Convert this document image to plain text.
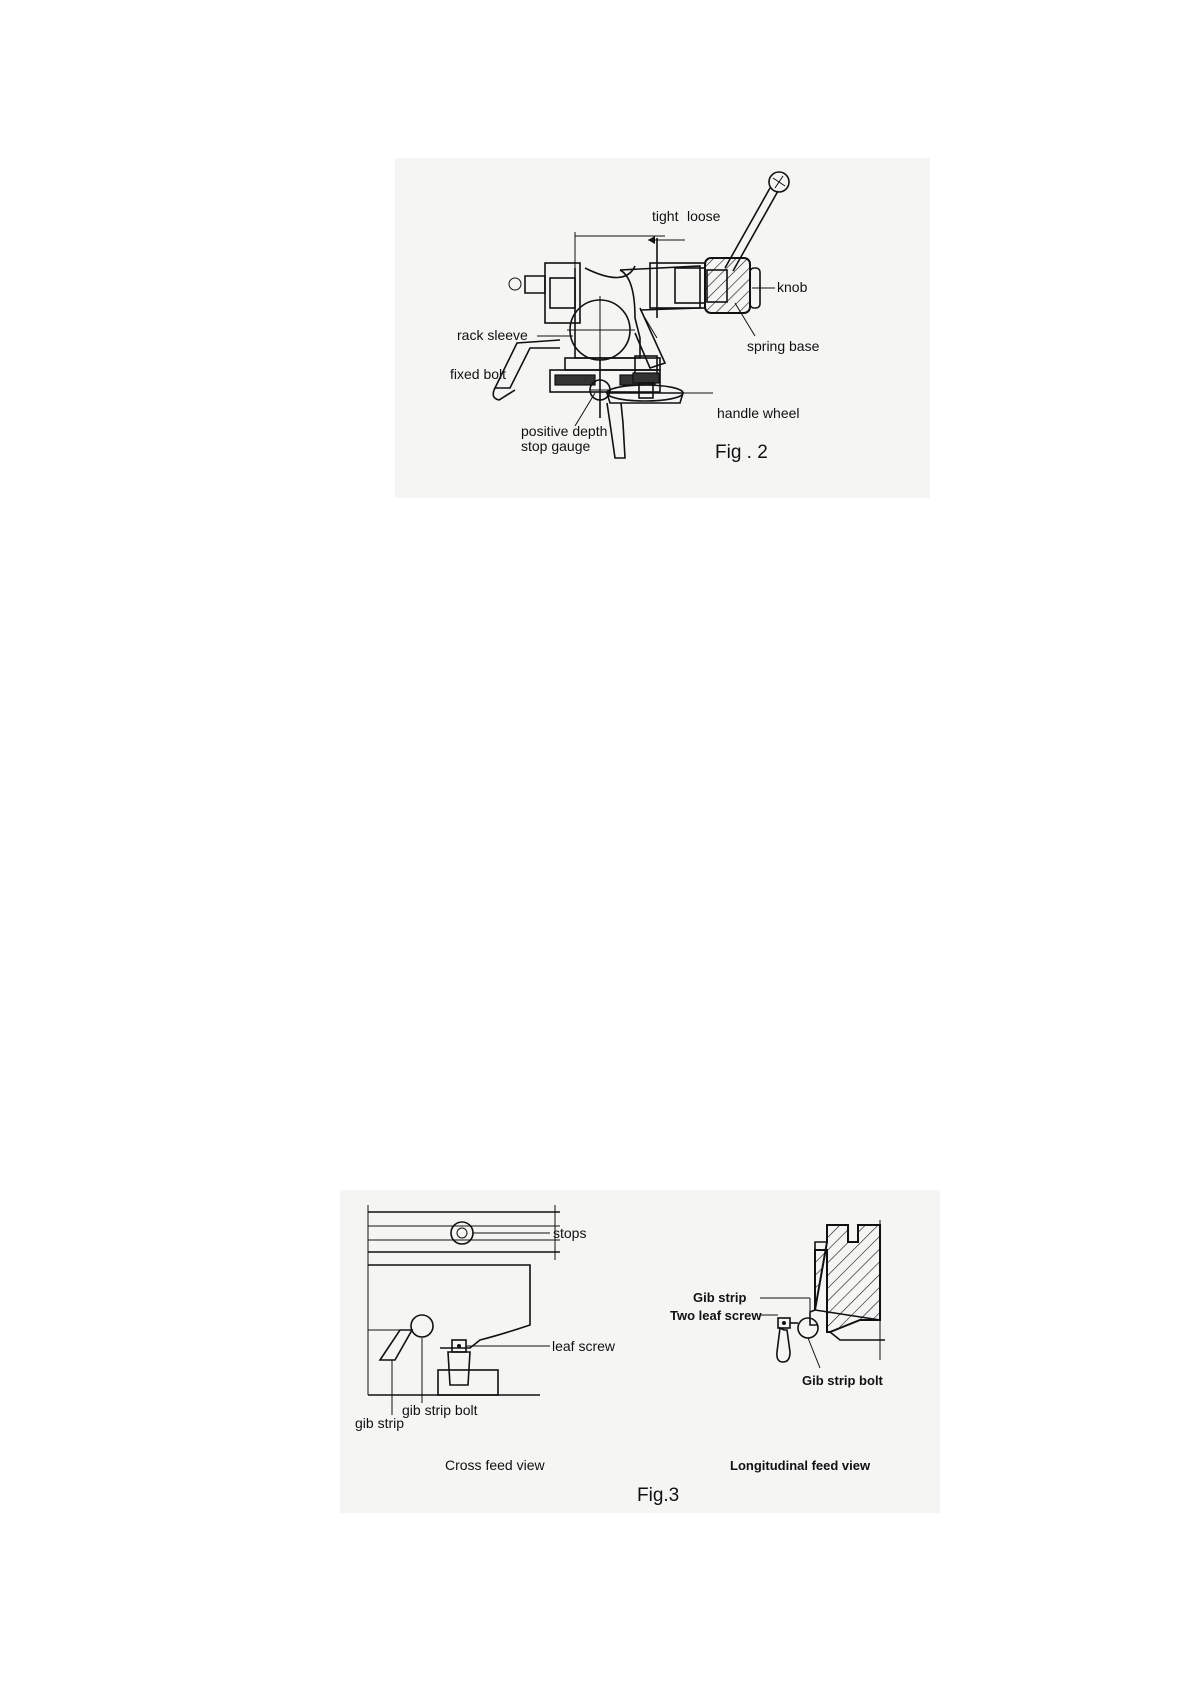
tight loose
knob
rack sleeve
spring base
fixed bolt
handle wheel
positive depth
stop gauge	Fig . 2
stops
leaf screw
gib strip
gib strip bolt
Cross feed view
Gib strip
Two leaf screw
Gib strip bolt
Longitudinal feed view
Fig.3
